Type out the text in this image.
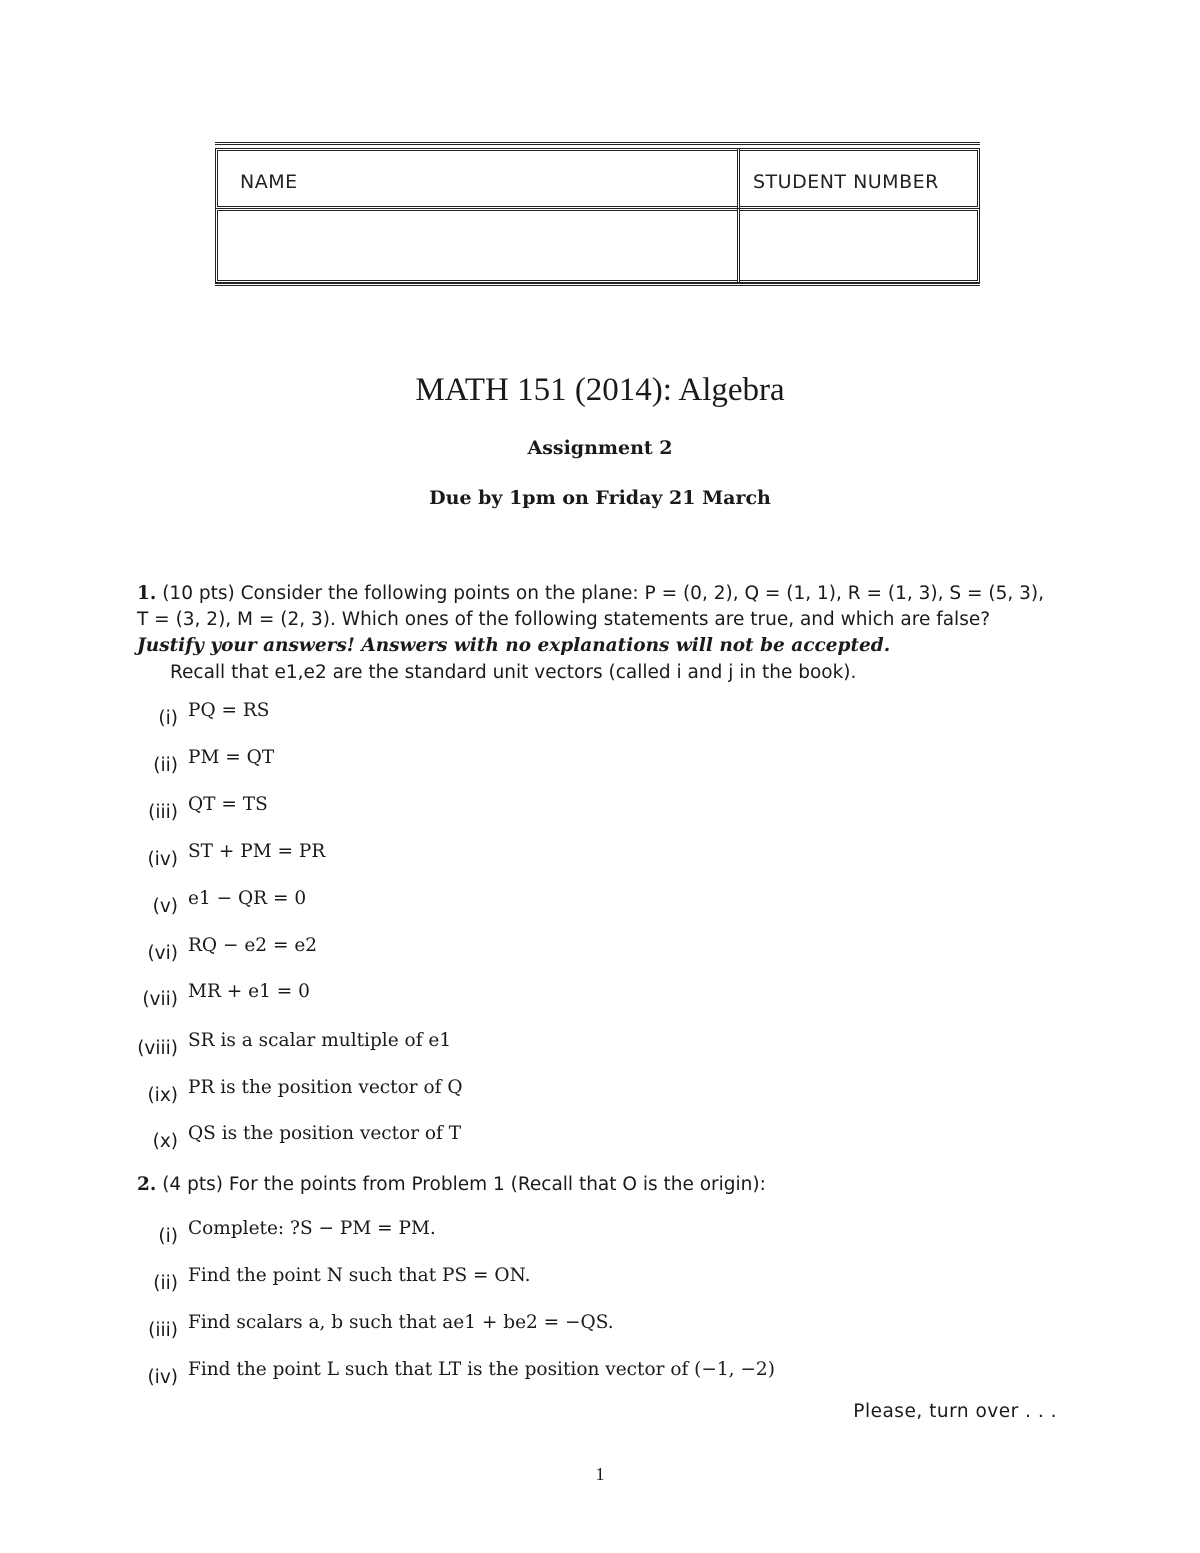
NAME	STUDENT NUMBER
MATH 151 (2014): Algebra
Assignment 2
Due by 1pm on Friday 21 March
1. (10 pts) Consider the following points on the plane: P = (0, 2), Q = (1, 1), R = (1, 3), S = (5, 3),
T = (3, 2), M = (2, 3). Which ones of the following statements are true, and which are false?
Justify your answers! Answers with no explanations will not be accepted.
Recall that e1,e2 are the standard unit vectors (called i and j in the book).
(i) PQ = RS
(ii) PM = QT
(iii) QT = TS
(iv) ST + PM = PR
(v) e1 − QR = 0
(vi) RQ − e2 = e2
(vii) MR + e1 = 0
(viii) SR is a scalar multiple of e1
(ix) PR is the position vector of Q
(x) QS is the position vector of T
2. (4 pts) For the points from Problem 1 (Recall that O is the origin):
(i) Complete: ?S − PM = PM.
(ii) Find the point N such that PS = ON.
(iii) Find scalars a, b such that ae1 + be2 = −QS.
(iv) Find the point L such that LT is the position vector of (−1, −2)
Please, turn over . . .
1
